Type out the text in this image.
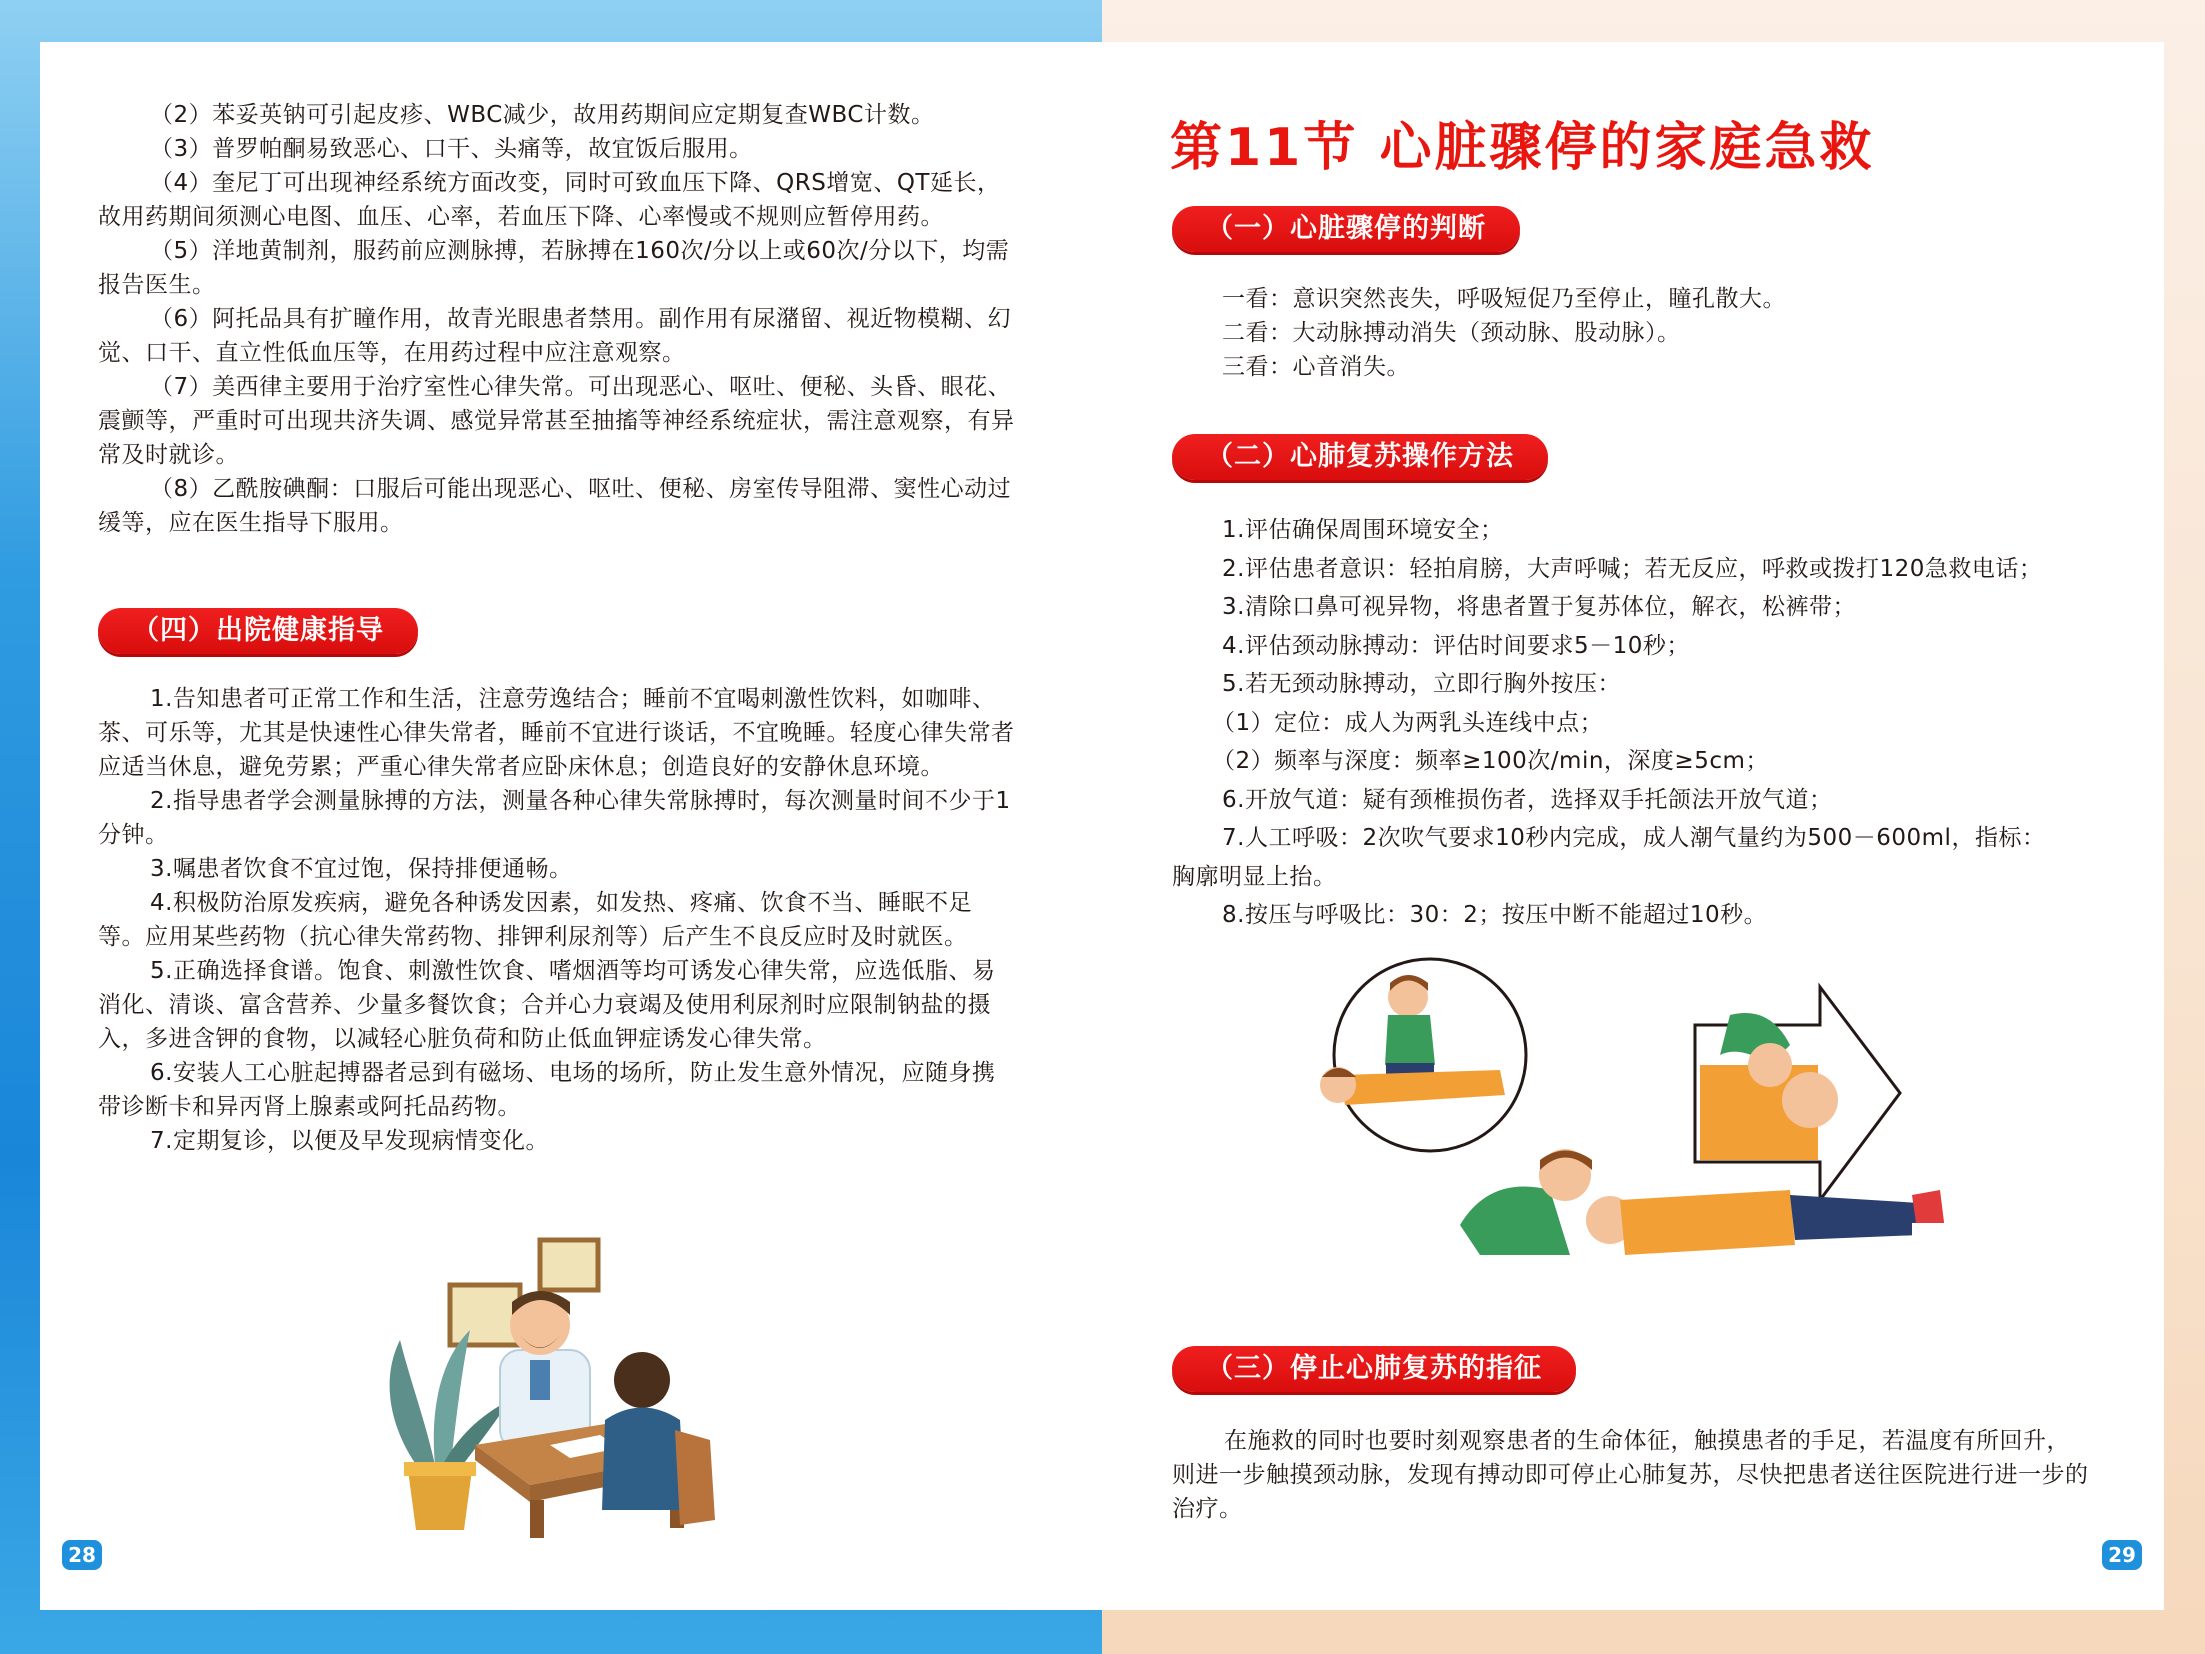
（2）苯妥英钠可引起皮疹、WBC减少，故用药期间应定期复查WBC计数。

（3）普罗帕酮易致恶心、口干、头痛等，故宜饭后服用。

（4）奎尼丁可出现神经系统方面改变，同时可致血压下降、QRS增宽、QT延长，故用药期间须测心电图、血压、心率，若血压下降、心率慢或不规则应暂停用药。

（5）洋地黄制剂，服药前应测脉搏，若脉搏在160次/分以上或60次/分以下，均需报告医生。

（6）阿托品具有扩瞳作用，故青光眼患者禁用。副作用有尿潴留、视近物模糊、幻觉、口干、直立性低血压等，在用药过程中应注意观察。

（7）美西律主要用于治疗室性心律失常。可出现恶心、呕吐、便秘、头昏、眼花、震颤等，严重时可出现共济失调、感觉异常甚至抽搐等神经系统症状，需注意观察，有异常及时就诊。

（8）乙酰胺碘酮：口服后可能出现恶心、呕吐、便秘、房室传导阻滞、窦性心动过缓等，应在医生指导下服用。

（四）出院健康指导

1.告知患者可正常工作和生活，注意劳逸结合；睡前不宜喝刺激性饮料，如咖啡、茶、可乐等，尤其是快速性心律失常者，睡前不宜进行谈话，不宜晚睡。轻度心律失常者应适当休息，避免劳累；严重心律失常者应卧床休息；创造良好的安静休息环境。

2.指导患者学会测量脉搏的方法，测量各种心律失常脉搏时，每次测量时间不少于1分钟。

3.嘱患者饮食不宜过饱，保持排便通畅。

4.积极防治原发疾病，避免各种诱发因素，如发热、疼痛、饮食不当、睡眠不足等。应用某些药物（抗心律失常药物、排钾利尿剂等）后产生不良反应时及时就医。

5.正确选择食谱。饱食、刺激性饮食、嗜烟酒等均可诱发心律失常，应选低脂、易消化、清谈、富含营养、少量多餐饮食；合并心力衰竭及使用利尿剂时应限制钠盐的摄入，多进含钾的食物，以减轻心脏负荷和防止低血钾症诱发心律失常。

6.安装人工心脏起搏器者忌到有磁场、电场的场所，防止发生意外情况，应随身携带诊断卡和异丙肾上腺素或阿托品药物。

7.定期复诊，以便及早发现病情变化。

28
第11节 心脏骤停的家庭急救
（一）心脏骤停的判断

一看：意识突然丧失，呼吸短促乃至停止，瞳孔散大。

二看：大动脉搏动消失（颈动脉、股动脉）。

三看：心音消失。

（二）心肺复苏操作方法

1.评估确保周围环境安全；

2.评估患者意识：轻拍肩膀，大声呼喊；若无反应，呼救或拨打120急救电话；

3.清除口鼻可视异物，将患者置于复苏体位，解衣，松裤带；

4.评估颈动脉搏动：评估时间要求5－10秒；

5.若无颈动脉搏动，立即行胸外按压：

（1）定位：成人为两乳头连线中点；

（2）频率与深度：频率≥100次/min，深度≥5cm；

6.开放气道：疑有颈椎损伤者，选择双手托颌法开放气道；

7.人工呼吸：2次吹气要求10秒内完成，成人潮气量约为500－600ml，指标：

胸廓明显上抬。

8.按压与呼吸比：30：2；按压中断不能超过10秒。

（三）停止心肺复苏的指征

在施救的同时也要时刻观察患者的生命体征，触摸患者的手足，若温度有所回升，则进一步触摸颈动脉，发现有搏动即可停止心肺复苏，尽快把患者送往医院进行进一步的治疗。

29
